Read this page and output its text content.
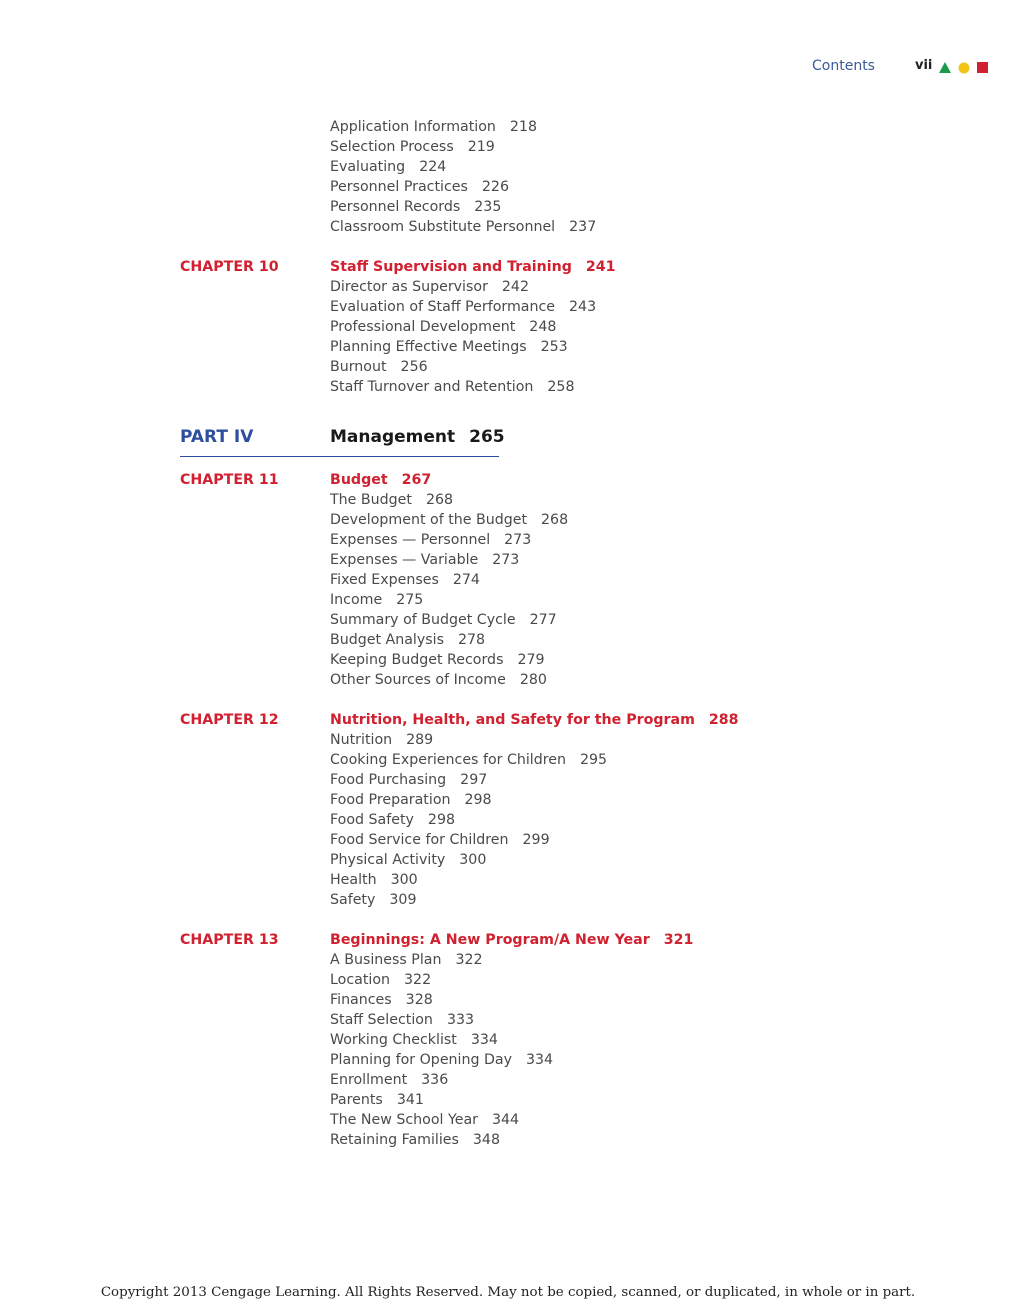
Contents	vii
Application Information 218
Selection Process 219
Evaluating 224
Personnel Practices 226
Personnel Records 235
Classroom Substitute Personnel 237
CHAPTER 10	Staff Supervision and Training 241
Director as Supervisor 242
Evaluation of Staff Performance 243
Professional Development 248
Planning Effective Meetings 253
Burnout 256
Staff Turnover and Retention 258
PART IV	Management 265
CHAPTER 11	Budget 267
The Budget 268
Development of the Budget 268
Expenses — Personnel 273
Expenses — Variable 273
Fixed Expenses 274
Income 275
Summary of Budget Cycle 277
Budget Analysis 278
Keeping Budget Records 279
Other Sources of Income 280
CHAPTER 12	Nutrition, Health, and Safety for the Program 288
Nutrition 289
Cooking Experiences for Children 295
Food Purchasing 297
Food Preparation 298
Food Safety 298
Food Service for Children 299
Physical Activity 300
Health 300
Safety 309
CHAPTER 13	Beginnings: A New Program/A New Year 321
A Business Plan 322
Location 322
Finances 328
Staff Selection 333
Working Checklist 334
Planning for Opening Day 334
Enrollment 336
Parents 341
The New School Year 344
Retaining Families 348
Copyright 2013 Cengage Learning. All Rights Reserved. May not be copied, scanned, or duplicated, in whole or in part.
